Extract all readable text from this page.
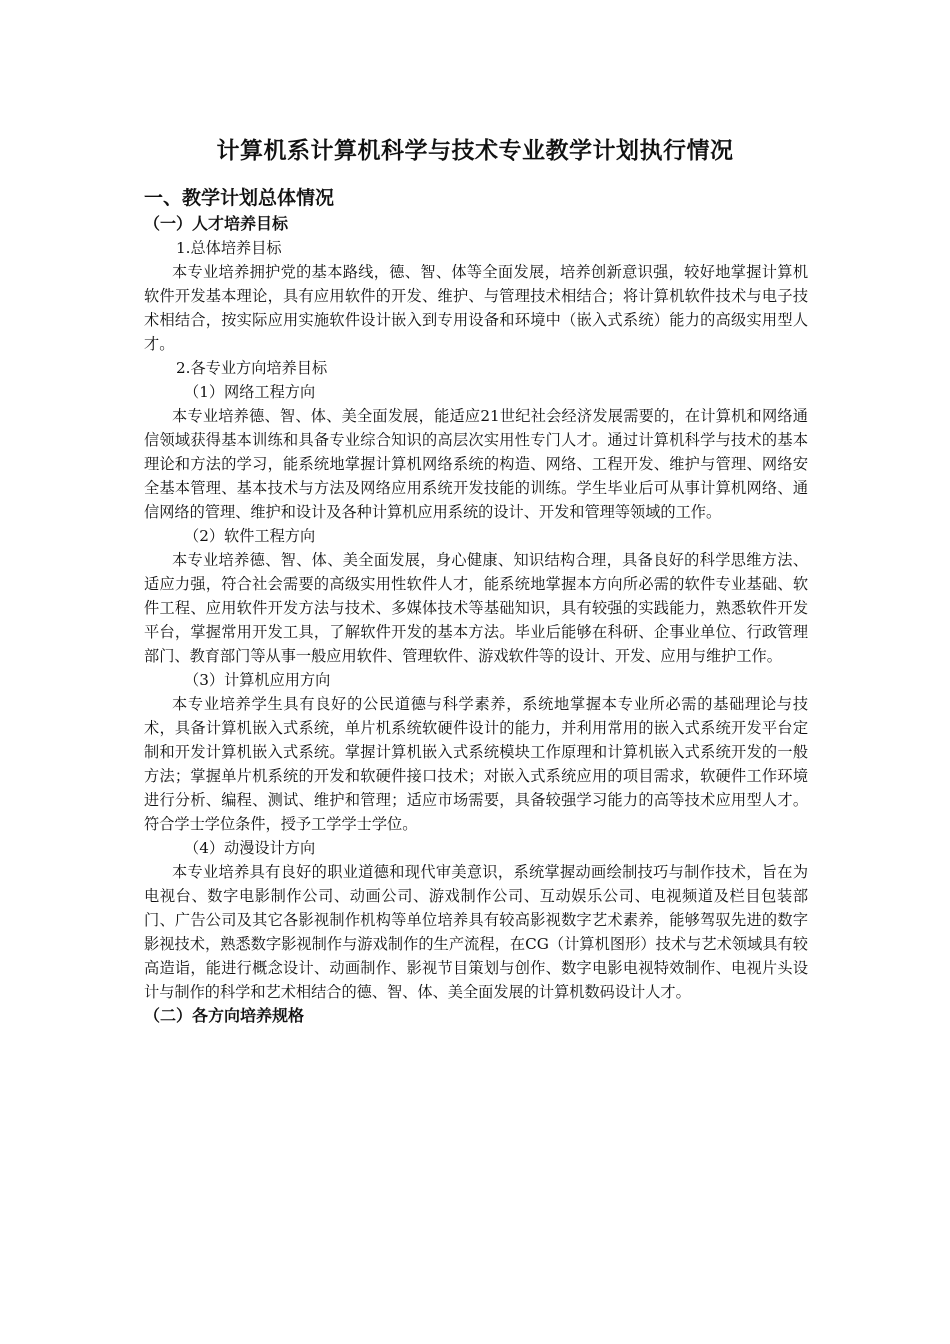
计算机系计算机科学与技术专业教学计划执行情况

一、教学计划总体情况

（一）人才培养目标

1.总体培养目标

本专业培养拥护党的基本路线，德、智、体等全面发展，培养创新意识强，较好地掌握计算机软件开发基本理论，具有应用软件的开发、维护、与管理技术相结合；将计算机软件技术与电子技术相结合，按实际应用实施软件设计嵌入到专用设备和环境中（嵌入式系统）能力的高级实用型人才。

2.各专业方向培养目标

（1）网络工程方向

本专业培养德、智、体、美全面发展，能适应21世纪社会经济发展需要的，在计算机和网络通信领域获得基本训练和具备专业综合知识的高层次实用性专门人才。通过计算机科学与技术的基本理论和方法的学习，能系统地掌握计算机网络系统的构造、网络、工程开发、维护与管理、网络安全基本管理、基本技术与方法及网络应用系统开发技能的训练。学生毕业后可从事计算机网络、通信网络的管理、维护和设计及各种计算机应用系统的设计、开发和管理等领域的工作。

（2）软件工程方向

本专业培养德、智、体、美全面发展，身心健康、知识结构合理，具备良好的科学思维方法、适应力强，符合社会需要的高级实用性软件人才，能系统地掌握本方向所必需的软件专业基础、软件工程、应用软件开发方法与技术、多媒体技术等基础知识，具有较强的实践能力，熟悉软件开发平台，掌握常用开发工具，了解软件开发的基本方法。毕业后能够在科研、企事业单位、行政管理部门、教育部门等从事一般应用软件、管理软件、游戏软件等的设计、开发、应用与维护工作。

（3）计算机应用方向

本专业培养学生具有良好的公民道德与科学素养，系统地掌握本专业所必需的基础理论与技术，具备计算机嵌入式系统，单片机系统软硬件设计的能力，并利用常用的嵌入式系统开发平台定制和开发计算机嵌入式系统。掌握计算机嵌入式系统模块工作原理和计算机嵌入式系统开发的一般方法；掌握单片机系统的开发和软硬件接口技术；对嵌入式系统应用的项目需求，软硬件工作环境进行分析、编程、测试、维护和管理；适应市场需要，具备较强学习能力的高等技术应用型人才。符合学士学位条件，授予工学学士学位。

（4）动漫设计方向

本专业培养具有良好的职业道德和现代审美意识，系统掌握动画绘制技巧与制作技术，旨在为电视台、数字电影制作公司、动画公司、游戏制作公司、互动娱乐公司、电视频道及栏目包装部门、广告公司及其它各影视制作机构等单位培养具有较高影视数字艺术素养，能够驾驭先进的数字影视技术，熟悉数字影视制作与游戏制作的生产流程，在CG（计算机图形）技术与艺术领域具有较高造诣，能进行概念设计、动画制作、影视节目策划与创作、数字电影电视特效制作、电视片头设计与制作的科学和艺术相结合的德、智、体、美全面发展的计算机数码设计人才。

（二）各方向培养规格
